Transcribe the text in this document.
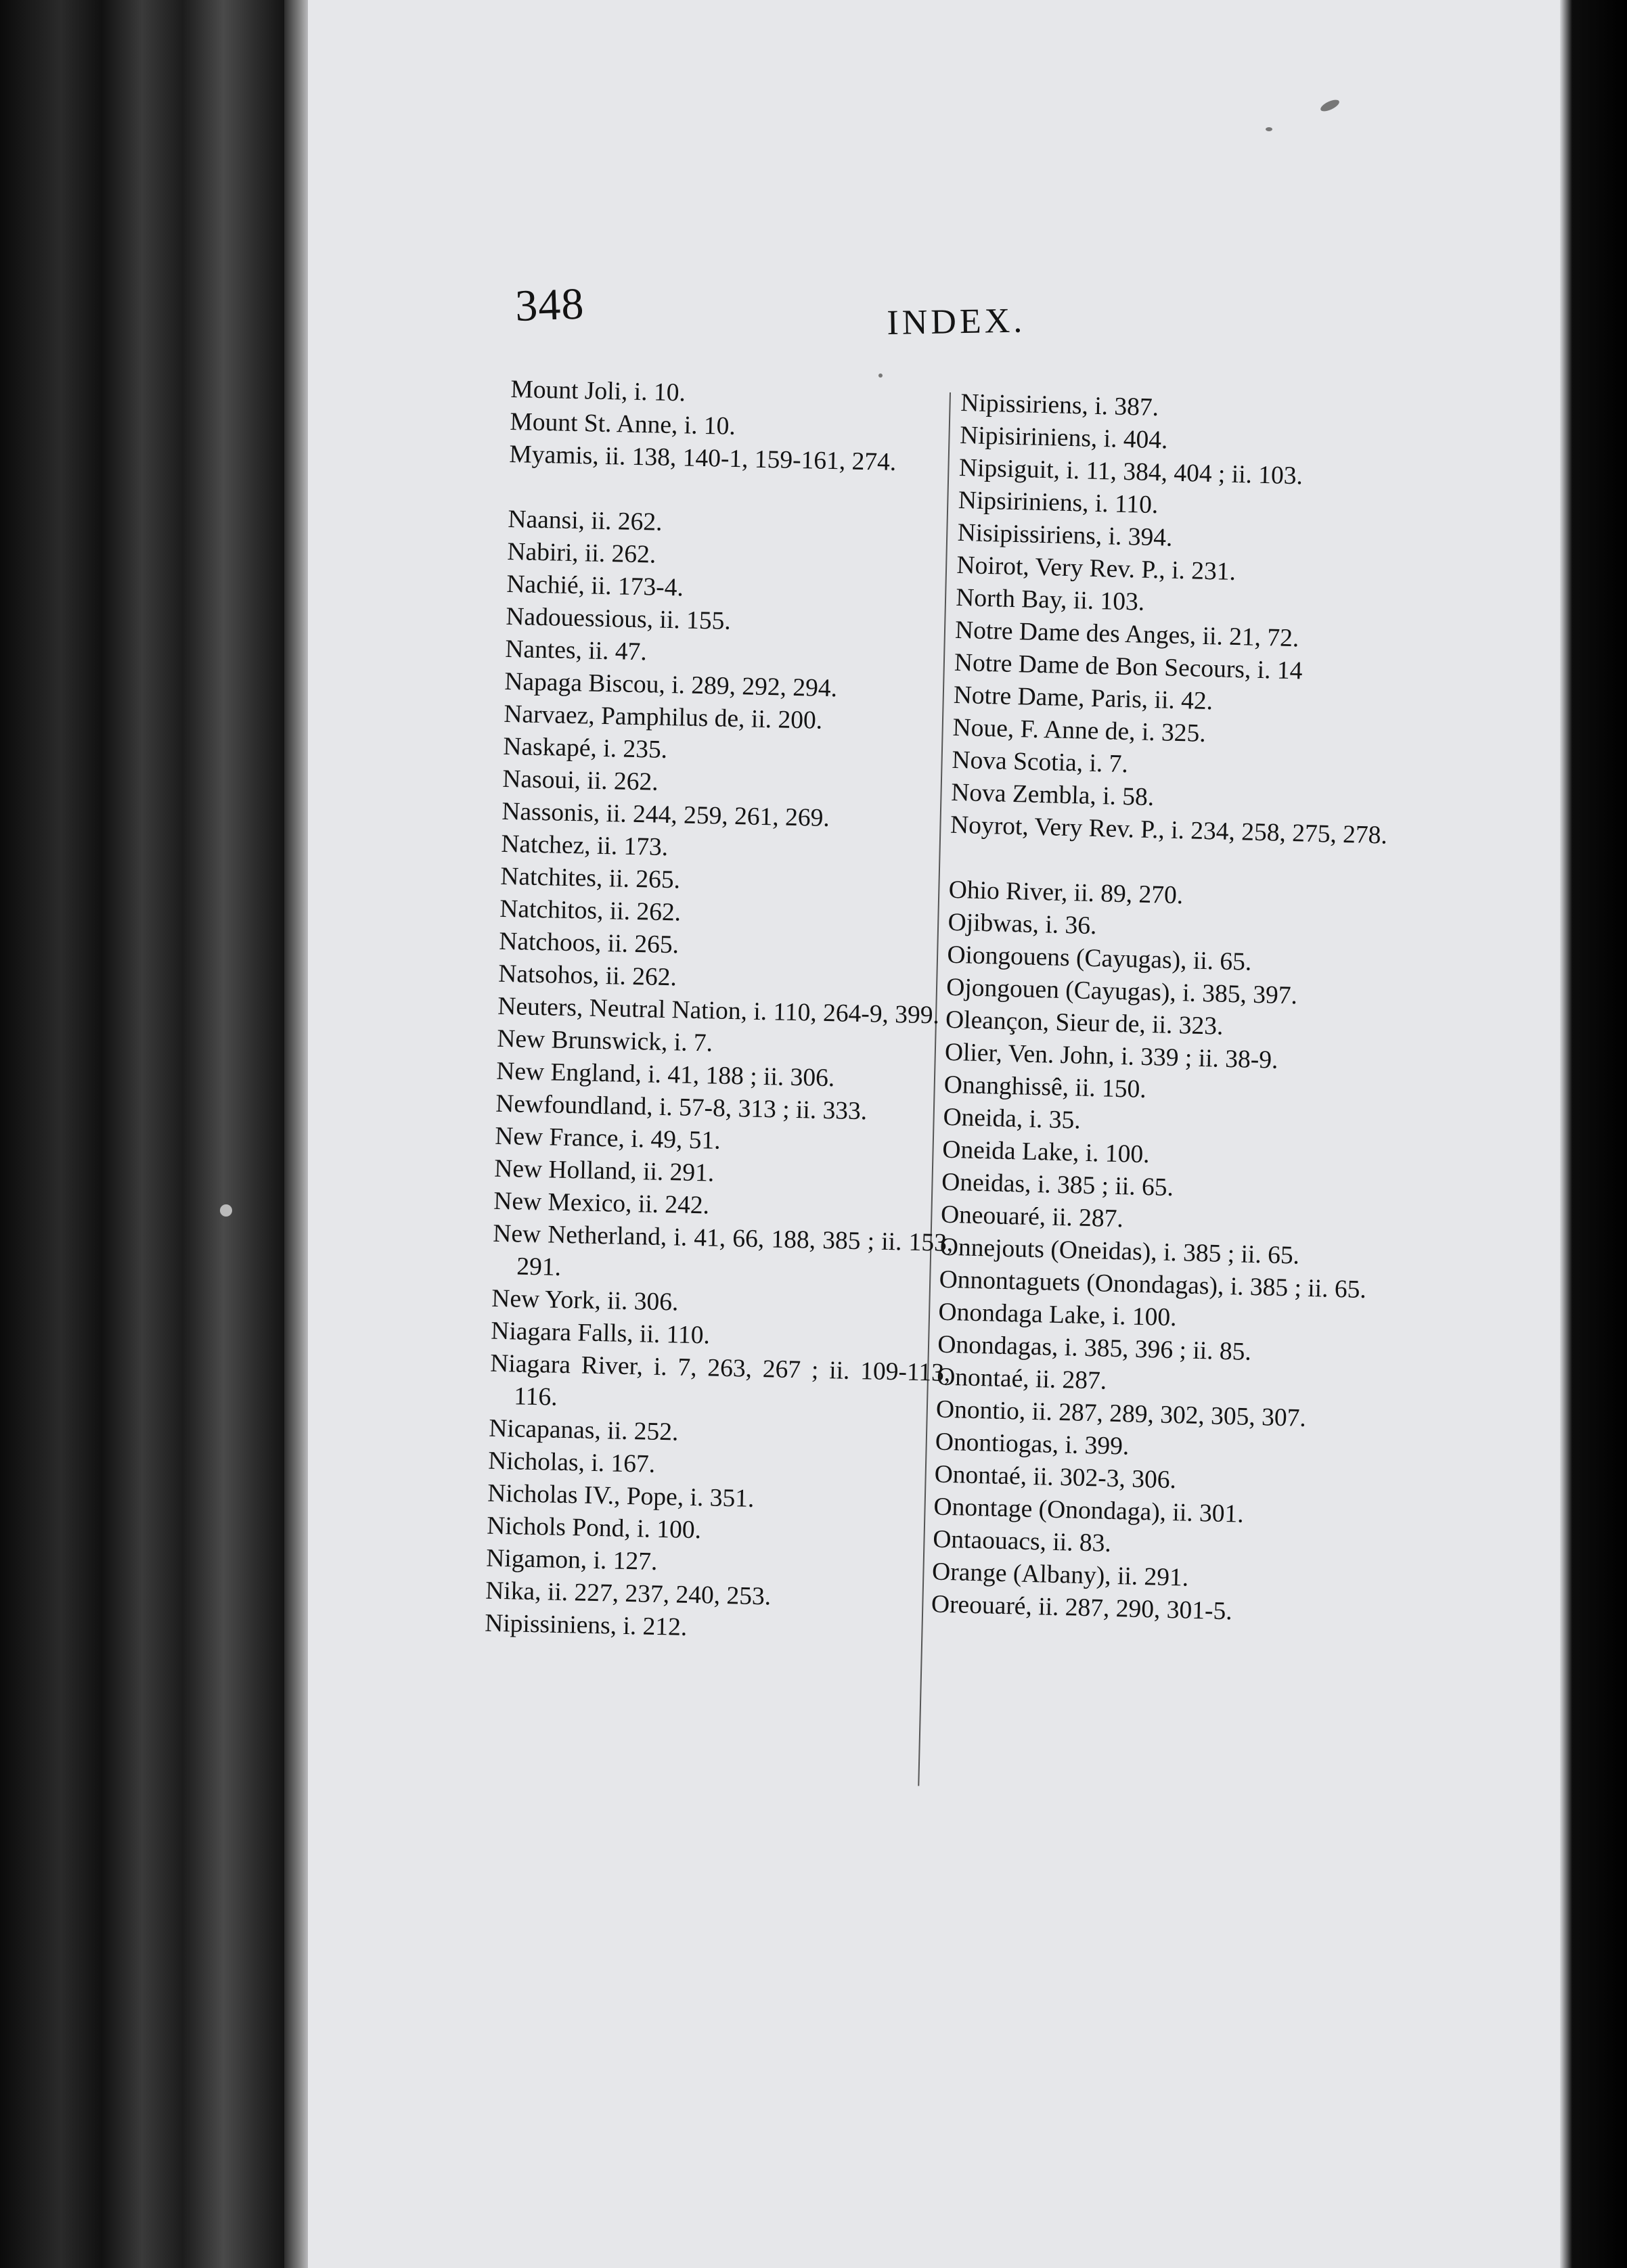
348	INDEX.
Mount Joli, i. 10.
Mount St. Anne, i. 10.
Myamis, ii. 138, 140-1, 159-161, 274.
Naansi, ii. 262.
Nabiri, ii. 262.
Nachié, ii. 173-4.
Nadouessious, ii. 155.
Nantes, ii. 47.
Napaga Biscou, i. 289, 292, 294.
Narvaez, Pamphilus de, ii. 200.
Naskapé, i. 235.
Nasoui, ii. 262.
Nassonis, ii. 244, 259, 261, 269.
Natchez, ii. 173.
Natchites, ii. 265.
Natchitos, ii. 262.
Natchoos, ii. 265.
Natsohos, ii. 262.
Neuters, Neutral Nation, i. 110, 264-9, 399.
New Brunswick, i. 7.
New England, i. 41, 188 ; ii. 306.
Newfoundland, i. 57-8, 313 ; ii. 333.
New France, i. 49, 51.
New Holland, ii. 291.
New Mexico, ii. 242.
New Netherland, i. 41, 66, 188, 385 ; ii. 153, 291.
New York, ii. 306.
Niagara Falls, ii. 110.
Niagara River, i. 7, 263, 267 ; ii. 109-113, 116.
Nicapanas, ii. 252.
Nicholas, i. 167.
Nicholas IV., Pope, i. 351.
Nichols Pond, i. 100.
Nigamon, i. 127.
Nika, ii. 227, 237, 240, 253.
Nipissiniens, i. 212.
Nipissiriens, i. 387.
Nipisiriniens, i. 404.
Nipsiguit, i. 11, 384, 404 ; ii. 103.
Nipsiriniens, i. 110.
Nisipissiriens, i. 394.
Noirot, Very Rev. P., i. 231.
North Bay, ii. 103.
Notre Dame des Anges, ii. 21, 72.
Notre Dame de Bon Secours, i. 14
Notre Dame, Paris, ii. 42.
Noue, F. Anne de, i. 325.
Nova Scotia, i. 7.
Nova Zembla, i. 58.
Noyrot, Very Rev. P., i. 234, 258, 275, 278.
Ohio River, ii. 89, 270.
Ojibwas, i. 36.
Oiongouens (Cayugas), ii. 65.
Ojongouen (Cayugas), i. 385, 397.
Oleançon, Sieur de, ii. 323.
Olier, Ven. John, i. 339 ; ii. 38-9.
Onanghissê, ii. 150.
Oneida, i. 35.
Oneida Lake, i. 100.
Oneidas, i. 385 ; ii. 65.
Oneouaré, ii. 287.
Onnejouts (Oneidas), i. 385 ; ii. 65.
Onnontaguets (Onondagas), i. 385 ; ii. 65.
Onondaga Lake, i. 100.
Onondagas, i. 385, 396 ; ii. 85.
Onontaé, ii. 287.
Onontio, ii. 287, 289, 302, 305, 307.
Onontiogas, i. 399.
Onontaé, ii. 302-3, 306.
Onontage (Onondaga), ii. 301.
Ontaouacs, ii. 83.
Orange (Albany), ii. 291.
Oreouaré, ii. 287, 290, 301-5.
